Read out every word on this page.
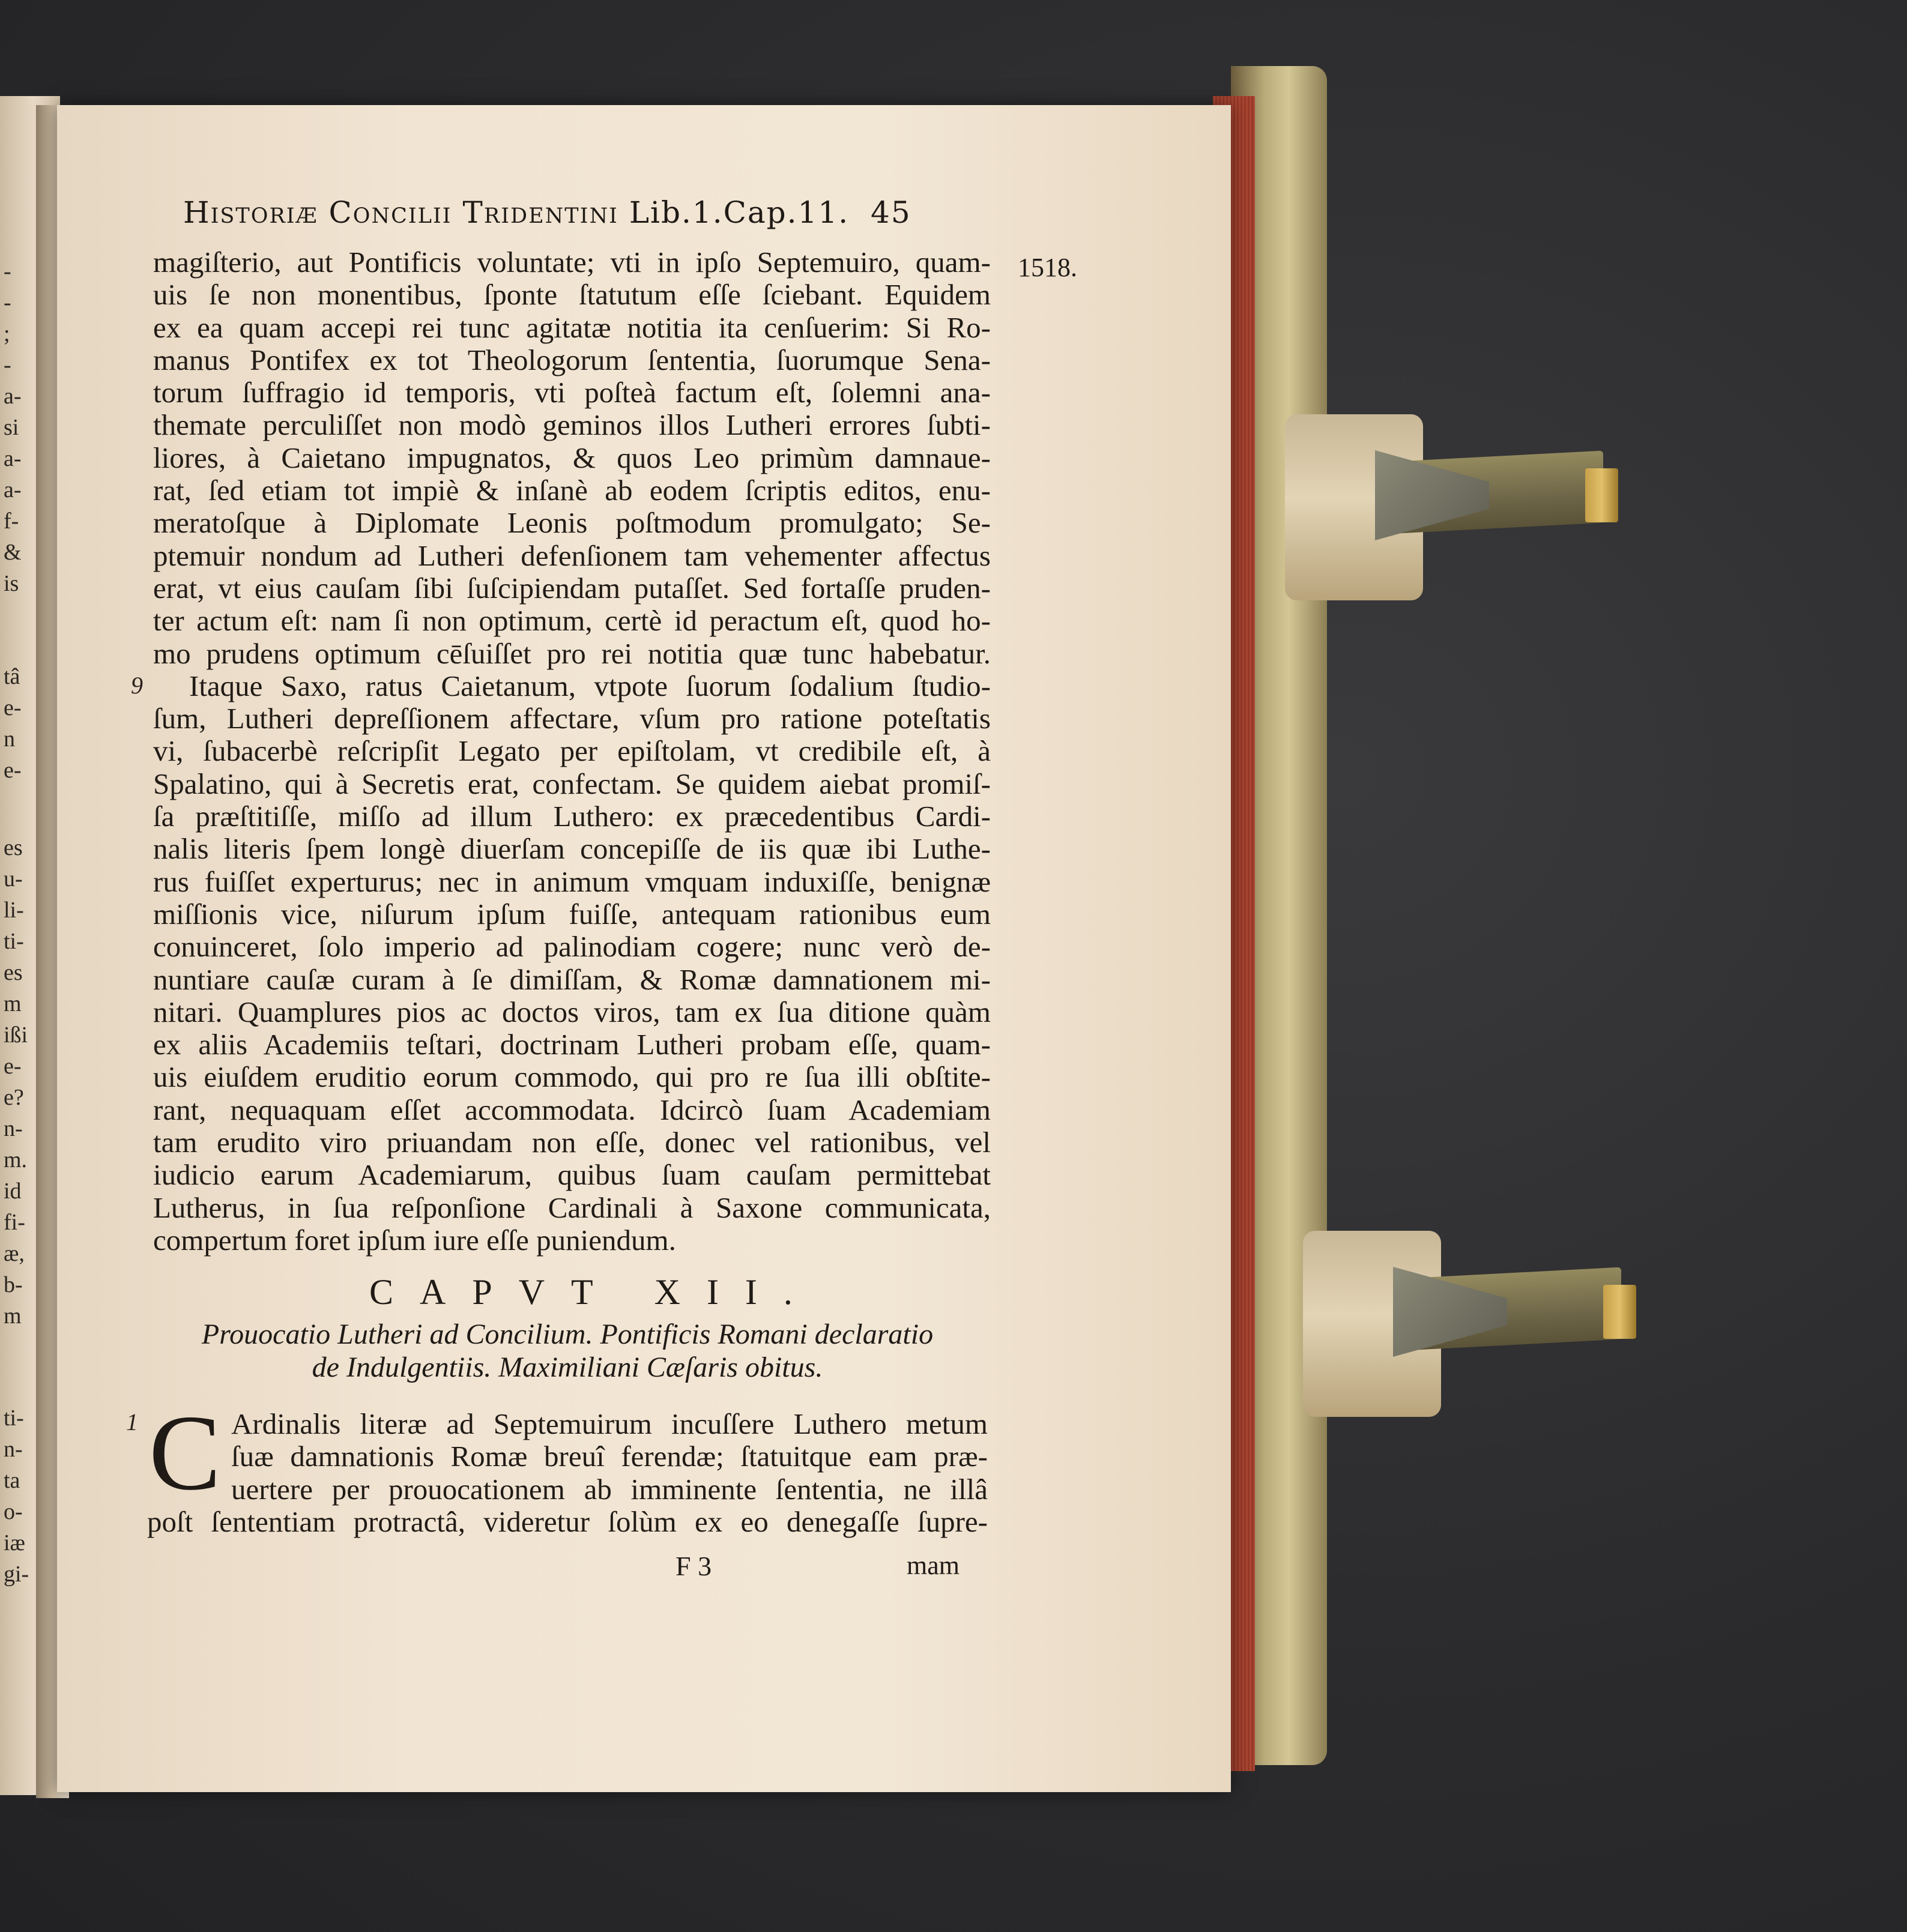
-
-
;
-
a-
si
a-
a-
f-
&
is
tâ
e-
n
e-
es
u-
li-
ti-
es
m
ißi
e-
e?
n-
m.
id
fi-
æ,
b-
m
ti-
n-
ta
o-
iæ
gi-
Historiæ Concilii Tridentini Lib.1.Cap.11. 45
1518.
9
magiſterio, aut Pontificis voluntate; vti in ipſo Septemuiro, quam-
uis ſe non monentibus, ſponte ſtatutum eſſe ſciebant. Equidem
ex ea quam accepi rei tunc agitatæ notitia ita cenſuerim: Si Ro-
manus Pontifex ex tot Theologorum ſententia, ſuorumque Sena-
torum ſuffragio id temporis, vti poſteà factum eſt, ſolemni ana-
themate perculiſſet non modò geminos illos Lutheri errores ſubti-
liores, à Caietano impugnatos, & quos Leo primùm damnaue-
rat, ſed etiam tot impiè & inſanè ab eodem ſcriptis editos, enu-
meratoſque à Diplomate Leonis poſtmodum promulgato; Se-
ptemuir nondum ad Lutheri defenſionem tam vehementer affectus
erat, vt eius cauſam ſibi ſuſcipiendam putaſſet. Sed fortaſſe pruden-
ter actum eſt: nam ſi non optimum, certè id peractum eſt, quod ho-
mo prudens optimum cēſuiſſet pro rei notitia quæ tunc habebatur.
Itaque Saxo, ratus Caietanum, vtpote ſuorum ſodalium ſtudio-
ſum, Lutheri depreſſionem affectare, vſum pro ratione poteſtatis
vi, ſubacerbè reſcripſit Legato per epiſtolam, vt credibile eſt, à
Spalatino, qui à Secretis erat, confectam. Se quidem aiebat promiſ-
ſa præſtitiſſe, miſſo ad illum Luthero: ex præcedentibus Cardi-
nalis literis ſpem longè diuerſam concepiſſe de iis quæ ibi Luthe-
rus fuiſſet experturus; nec in animum vmquam induxiſſe, benignæ
miſſionis vice, niſurum ipſum fuiſſe, antequam rationibus eum
conuinceret, ſolo imperio ad palinodiam cogere; nunc verò de-
nuntiare cauſæ curam à ſe dimiſſam, & Romæ damnationem mi-
nitari. Quamplures pios ac doctos viros, tam ex ſua ditione quàm
ex aliis Academiis teſtari, doctrinam Lutheri probam eſſe, quam-
uis eiuſdem eruditio eorum commodo, qui pro re ſua illi obſtite-
rant, nequaquam eſſet accommodata. Idcircò ſuam Academiam
tam erudito viro priuandam non eſſe, donec vel rationibus, vel
iudicio earum Academiarum, quibus ſuam cauſam permittebat
Lutherus, in ſua reſponſione Cardinali à Saxone communicata,
compertum foret ipſum iure eſſe puniendum.
CAPVT XII.
Prouocatio Lutheri ad Concilium. Pontificis Romani declaratio
de Indulgentiis. Maximiliani Cæſaris obitus.
1 C Ardinalis literæ ad Septemuirum incuſſere Luthero metum
ſuæ damnationis Romæ breuî ferendæ; ſtatuitque eam præ-
uertere per prouocationem ab imminente ſententia, ne illâ
poſt ſententiam protractâ, videretur ſolùm ex eo denegaſſe ſupre-
F 3	mam
